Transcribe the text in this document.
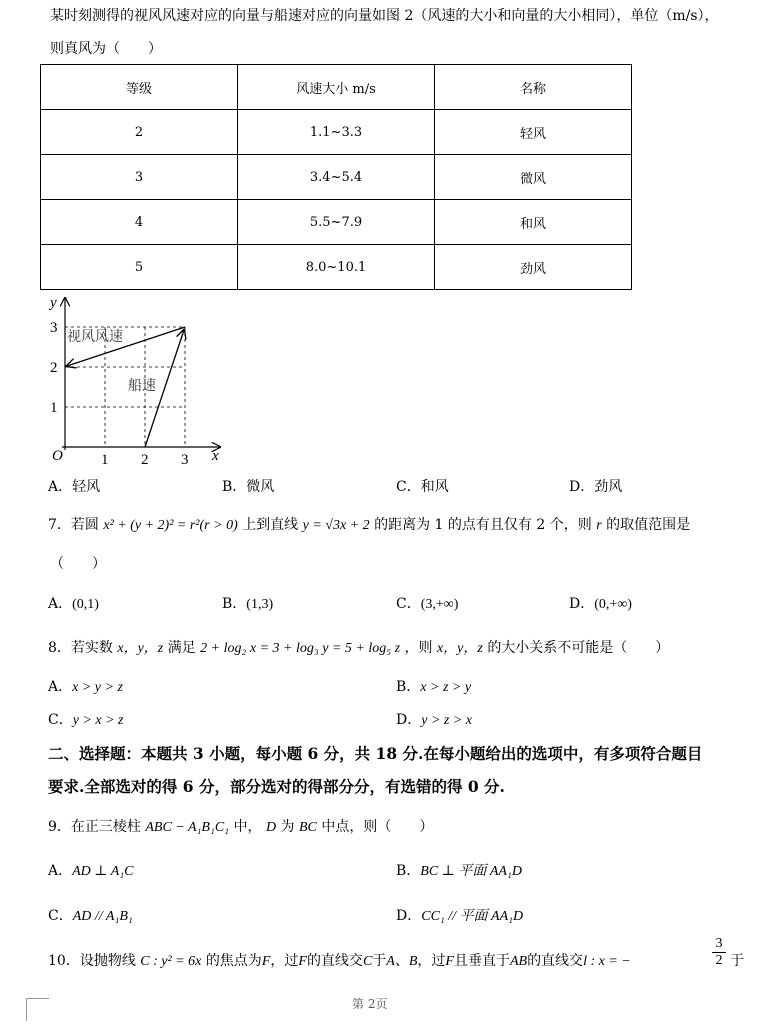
某时刻测得的视风风速对应的向量与船速对应的向量如图 2（风速的大小和向量的大小相同），单位（m/s），
则真风为（　　）
等级	风速大小 m/s	名称
2	1.1~3.3	轻风
3	3.4~5.4	微风
4	5.5~7.9	和风
5	8.0~10.1	劲风
y
x
O	1 2 3
1
2
3
视风风速
船速
A．轻风	B．微风	C．和风	D．劲风
7．若圆 x² + (y + 2)² = r²(r > 0) 上到直线 y = √3x + 2 的距离为 1 的点有且仅有 2 个，则 r 的取值范围是
（　　）
A．(0,1)	B．(1,3)	C．(3,+∞)	D．(0,+∞)
8．若实数 x，y，z 满足 2 + log₂ x = 3 + log₃ y = 5 + log₅ z ，则 x，y，z 的大小关系不可能是（　　）
A．x > y > z	B．x > z > y
C．y > x > z	D．y > z > x
二、选择题：本题共 3 小题，每小题 6 分，共 18 分.在每小题给出的选项中，有多项符合题目
要求.全部选对的得 6 分，部分选对的得部分分，有选错的得 0 分.
9．在正三棱柱 ABC − A₁B₁C₁ 中， D 为 BC 中点，则（　　）
A．AD ⊥ A₁C	B．BC ⊥ 平面 AA₁D
C．AD // A₁B₁	D．CC₁ // 平面 AA₁D
10．设抛物线 C : y² = 6x 的焦点为F，过F的直线交C于A、B，过F且垂直于AB的直线交l : x = −	$\frac{3}{2}$ 于
第 2页
